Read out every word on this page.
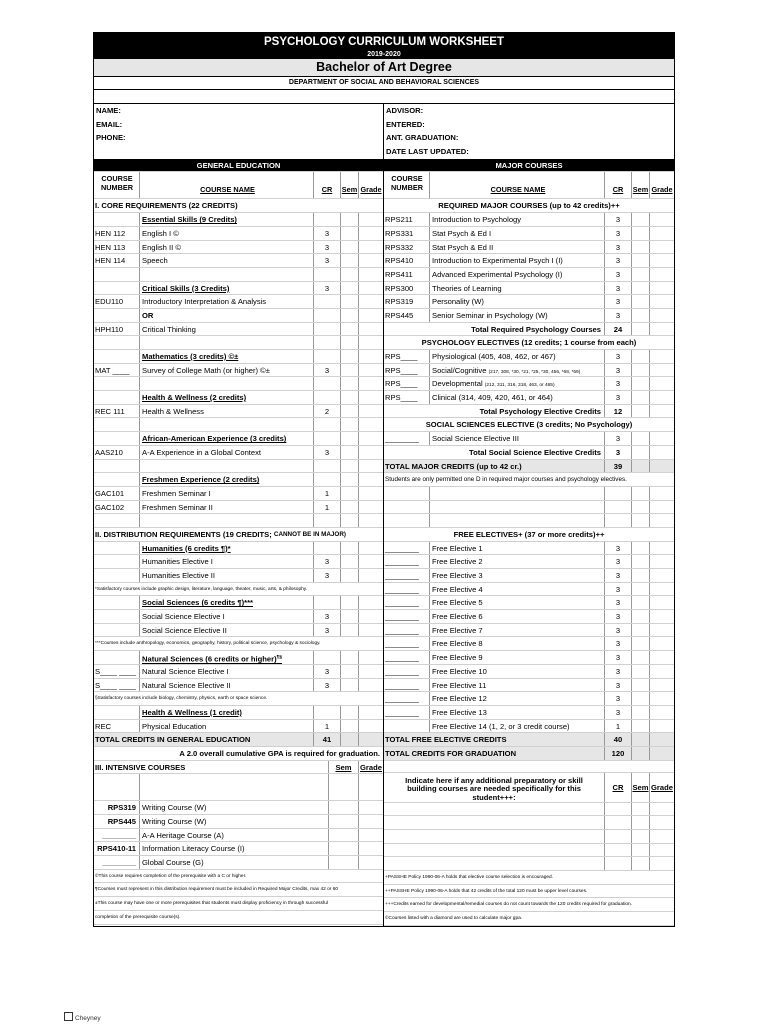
PSYCHOLOGY CURRICULUM WORKSHEET
2019-2020
Bachelor of Art Degree
DEPARTMENT OF SOCIAL AND BEHAVIORAL SCIENCES
NAME:
EMAIL:
PHONE:
ADVISOR:
ENTERED:
ANT. GRADUATION:
DATE LAST UPDATED:
GENERAL EDUCATION
COURSE NUMBER	COURSE NAME	CR	Sem Grade
I. CORE REQUIREMENTS (22 CREDITS)
Essential Skills (9 Credits)
HEN 112	English I ©	3
HEN 113	English II ©	3
HEN 114	Speech	3
Critical Skills (3 Credits)	3
EDU110	Introductory Interpretation & Analysis
OR
HPH110	Critical Thinking
Mathematics (3 credits) ©±
MAT ____	Survey of College Math (or higher) ©±	3
Health & Wellness (2 credits)
REC 111	Health & Wellness	2
African-American Experience (3 credits)
AAS210	A-A Experience in a Global Context	3
Freshmen Experience (2 credits)
GAC101	Freshmen Seminar I	1
GAC102	Freshmen Seminar II	1
II. DISTRIBUTION REQUIREMENTS (19 CREDITS;
CANNOT BE IN MAJOR)
Humanities (6 credits ¶)*
Humanities Elective I	3
Humanities Elective II	3
*Satisfactory courses include graphic design, literature, language, theater, music, arts, & philosophy.
Social Sciences (6 credits ¶)***
Social Science Elective I	3
Social Science Elective II	3
***Courses include anthropology, economics, geography, history, political science, psychology & sociology.
Natural Sciences (6 credits or higher)¶§
S____ ____ Natural Science Elective I	3
S____ ____ Natural Science Elective II	3
§Satisfactory courses include biology, chemistry, physics, earth or space science.
Health & Wellness (1 credit)
REC	Physical Education	1
TOTAL CREDITS IN GENERAL EDUCATION	41
A 2.0 overall cumulative GPA is required for graduation.
III. INTENSIVE COURSES	Sem	Grade
RPS319 Writing Course (W)
RPS445 Writing Course (W)
________ A-A Heritage Course (A)
RPS410-11 Information Literacy Course (I)
________ Global Course (G)
©This course requires completion of the prerequisite with a C or higher.
¶Courses must represent in this distribution requirement must be included in Required Major Credits, max 42 or 60
±This course may have one or more prerequisites that students must display proficiency in through successful
completion of the prerequisite course(s).
MAJOR COURSES
COURSE NUMBER	COURSE NAME	CR	Sem Grade
REQUIRED MAJOR COURSES (up to 42 credits)++
RPS211	Introduction to Psychology	3
RPS331	Stat Psych & Ed I	3
RPS332	Stat Psych & Ed II	3
RPS410	Introduction to Experimental Psych I (I)	3
RPS411	Advanced Experimental Psychology (I)	3
RPS300	Theories of Learning	3
RPS319	Personality (W)	3
RPS445	Senior Seminar in Psychology (W)	3
Total Required Psychology Courses	24
PSYCHOLOGY ELECTIVES (12 credits; 1 course from each)
RPS____	Physiological (405, 408, 462, or 467)	3
RPS____	Social/Cognitive (217, 308, *30, *21, *25, *30, 456, *68, *69)	3
RPS____	Developmental (212, 311, 316, 318, 463, or 465)	3
RPS____	Clinical (314, 409, 420, 461, or 464)	3
Total Psychology Elective Credits	12
SOCIAL SCIENCES ELECTIVE (3 credits; No Psychology)
________	Social Science Elective III	3
Total Social Science Elective Credits	3
TOTAL MAJOR CREDITS (up to 42 cr.)	39
Students are only permitted one D in required major courses and psychology electives.
FREE ELECTIVES+ (37 or more credits)++
________	Free Elective 1	3
________	Free Elective 2	3
________	Free Elective 3	3
________	Free Elective 4	3
________	Free Elective 5	3
________	Free Elective 6	3
________	Free Elective 7	3
________	Free Elective 8	3
________	Free Elective 9	3
________	Free Elective 10	3
________	Free Elective 11	3
________	Free Elective 12	3
________	Free Elective 13	3
Free Elective 14 (1, 2, or 3 credit course)	1
TOTAL FREE ELECTIVE CREDITS	40
TOTAL CREDITS FOR GRADUATION	120
Indicate here if any additional preparatory or skill building courses are needed specifically for this student+++:
CR	Sem Grade
+PASSHE Policy 1990-06-A holds that elective course selection is encouraged.
++PASSHE Policy 1990-06-A holds that 42 credits of the total 120 must be upper level courses.
+++Credits earned for developmental/remedial courses do not count towards the 120 credits required for graduation.
©Courses listed with a diamond are used to calculate major gpa.
Cheyney
